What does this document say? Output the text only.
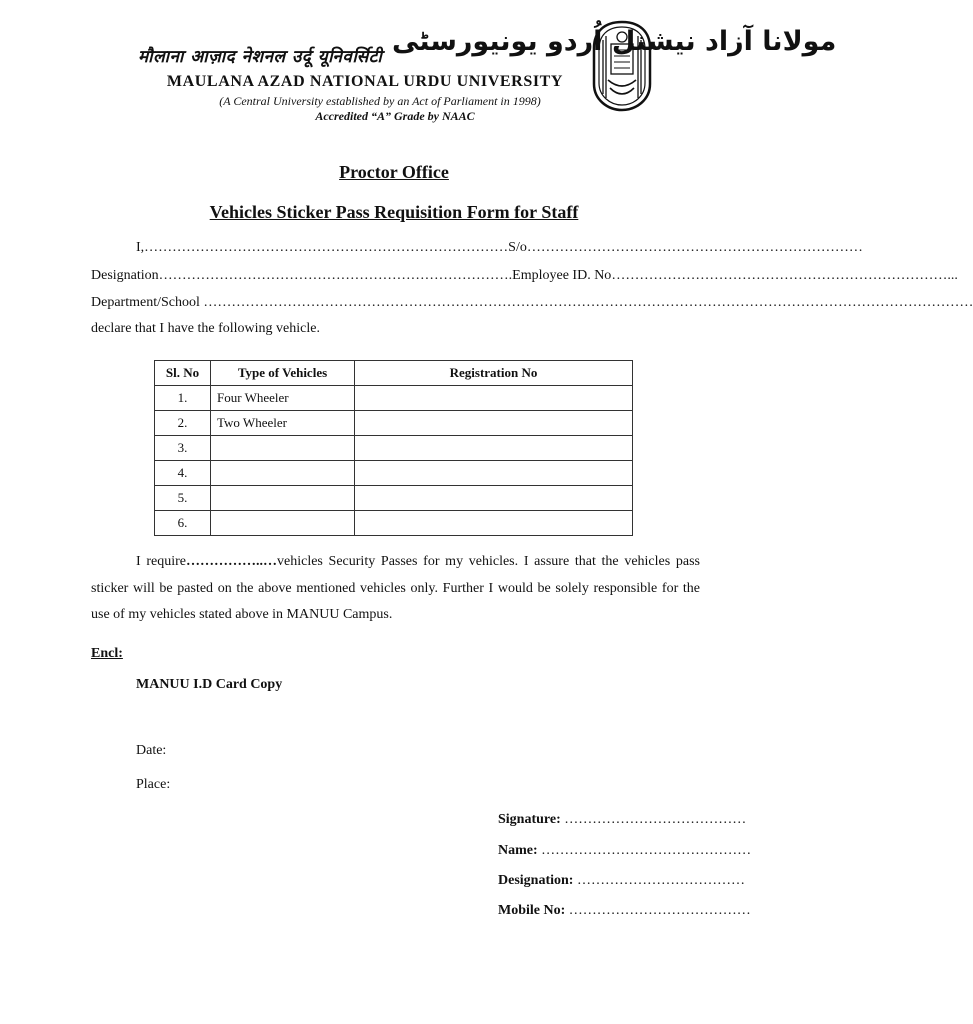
मौलाना आज़ाद नेशनल उर्दू यूनिवर्सिटी مولانا آزاد نیشنل اُردو یونیورسٹی
MAULANA AZAD NATIONAL URDU UNIVERSITY
(A Central University established by an Act of Parliament in 1998)
Accredited “A” Grade by NAAC
Proctor Office
Vehicles Sticker Pass Requisition Form for Staff
I,……………………………………………………………………S/o………………………………………………………………
Designation………………………………………………………………….Employee ID. No………………………………………………………………...
Department/School …………………………………………………………………………………………………………………………………………………
declare that I have the following vehicle.
Sl. No	Type of Vehicles	Registration No
1.	Four Wheeler	
2.	Two Wheeler	
3.		
4.		
5.		
6.		

I require……………..…vehicles Security Passes for my vehicles. I assure that the vehicles pass sticker will be pasted on the above mentioned vehicles only. Further I would be solely responsible for the use of my vehicles stated above in MANUU Campus.

Encl:
MANUU I.D Card Copy
Date:
Place:
Signature: …………………………………
Name: ………………………………………
Designation: ………………………………
Mobile No: …………………………………
